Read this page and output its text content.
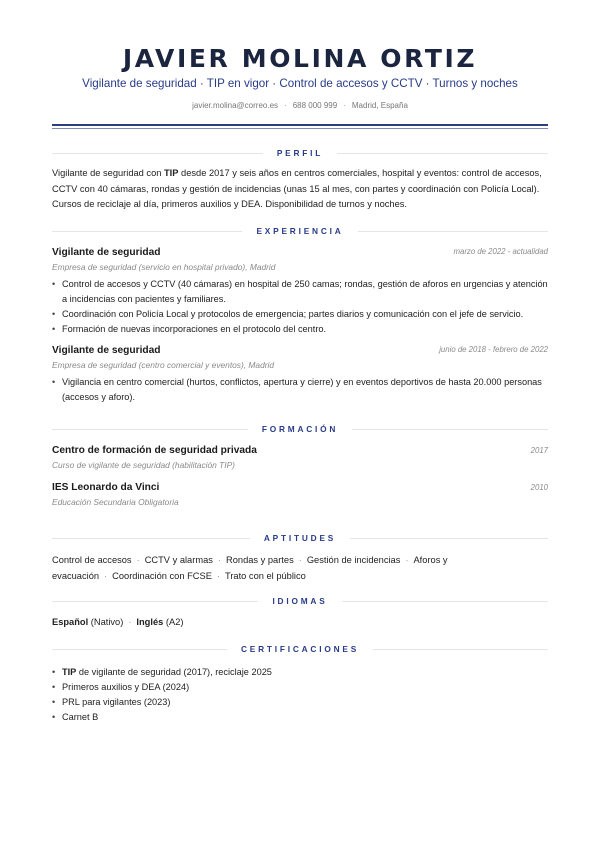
JAVIER MOLINA ORTIZ
Vigilante de seguridad · TIP en vigor · Control de accesos y CCTV · Turnos y noches
javier.molina@correo.es · 688 000 999 · Madrid, España
PERFIL
Vigilante de seguridad con TIP desde 2017 y seis años en centros comerciales, hospital y eventos: control de accesos, CCTV con 40 cámaras, rondas y gestión de incidencias (unas 15 al mes, con partes y coordinación con Policía Local). Cursos de reciclaje al día, primeros auxilios y DEA. Disponibilidad de turnos y noches.
EXPERIENCIA
Vigilante de seguridad	marzo de 2022 - actualidad
Empresa de seguridad (servicio en hospital privado), Madrid
• Control de accesos y CCTV (40 cámaras) en hospital de 250 camas; rondas, gestión de aforos en urgencias y atención a incidencias con pacientes y familiares.
• Coordinación con Policía Local y protocolos de emergencia; partes diarios y comunicación con el jefe de servicio.
• Formación de nuevas incorporaciones en el protocolo del centro.
Vigilante de seguridad	junio de 2018 - febrero de 2022
Empresa de seguridad (centro comercial y eventos), Madrid
• Vigilancia en centro comercial (hurtos, conflictos, apertura y cierre) y en eventos deportivos de hasta 20.000 personas (accesos y aforo).
FORMACIÓN
Centro de formación de seguridad privada	2017
Curso de vigilante de seguridad (habilitación TIP)
IES Leonardo da Vinci	2010
Educación Secundaria Obligatoria
APTITUDES
Control de accesos · CCTV y alarmas · Rondas y partes · Gestión de incidencias · Aforos y evacuación · Coordinación con FCSE · Trato con el público
IDIOMAS
Español (Nativo) · Inglés (A2)
CERTIFICACIONES
• TIP de vigilante de seguridad (2017), reciclaje 2025
• Primeros auxilios y DEA (2024)
• PRL para vigilantes (2023)
• Carnet B
